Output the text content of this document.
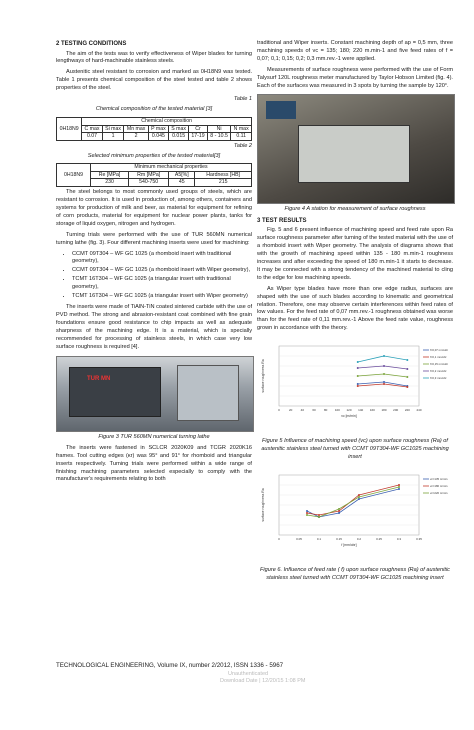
2 TESTING CONDITIONS

The aim of the tests was to verify effectiveness of Wiper blades for turning lengthways of hard-machinable stainless steels.

Austenitic steel resistant to corrosion and marked as 0H18N9 was tested. Table 1 presents chemical composition of the steel tested and table 2 shows properties of the steel.

Table 1
Chemical composition of the tested material [3]
0H18N9	Chemical composition							
	C max	Si max	Mn max	P max	S max	Cr	Ni	N max
	0.07	1	2	0.045	0.015	17-19	8 - 10.5	0.11
Table 2
Selected minimum properties of the tested material[3]
0H18N9	Minimum mechanical properties			
	Re [MPa]	Rm [MPa]	A5[%]	Hardness [HB]
	230	540-750	45	215

The steel belongs to most commonly used groups of steels, which are resistant to corrosion. It is used in production of, among others, containers and systems for production of milk and beer, as material for equipment for refining of corn products, material for equipment for nuclear power plants, tanks for storage of liquid oxygen, nitrogen and hydrogen.

Turning trials were performed with the use of TUR 560MN numerical turning lathe (fig. 3). Four different machining inserts were used for machining:

• CCMT 09T304 – WF GC 1025 (a rhomboid insert with traditional geometry),
• CCMT 09T304 – WF GC 1025 (a rhomboid insert with Wiper geometry),
• TCMT 16T304 – WF GC 1025 (a triangular insert with traditional geometry),
• TCMT 16T304 – WF GC 1025 (a triangular insert with Wiper geometry)

The inserts were made of TiAlN-TiN coated sintered carbide with the use of PVD method. The strong and abrasion-resistant coat combined with fine grain foundations ensure good resistance to chip impacts as well as adequate sharpness of the machining edge. It is a material, which is specially recommended for processing of stainless steels, in which case very low surface roughness is required [4].

TUR MN
Figure 3 TUR 560MN numerical turning lathe

The inserts were fastened in SCLCR 2020K09 and TCGR 2020K16 frames. Tool cutting edges (κr) was 95° and 91° for rhomboid and triangular inserts respectively. Turning trials were performed within a wide range of finishing machining parameters selected especially to comply with the manufacturer's requirements relating to both

traditional and Wiper inserts. Constant machining depth of ap = 0,5 mm, three machining speeds of vc = 135; 180; 220 m.min-1 and five feed rates of f = 0,07; 0,1; 0,15; 0,2; 0,3 mm.rev.-1 were applied.

Measurements of surface roughness were performed with the use of Form Talysurf 120L roughness meter manufactured by Taylor Hobson Limited (fig. 4). Each of the surfaces was measured in 3 spots by turning the sample by 120°.

Figure 4 A station for measurement of surface roughness
3 TEST RESULTS

Fig. 5 and 6 present influence of machining speed and feed rate upon Ra surface roughness parameter after turning of the tested material with the use of a rhomboid insert with Wiper geometry. The analysis of diagrams shows that with the growth of machining speed within 135 - 180 m.min-1 roughness increases and after exceeding the speed of 180 m.min-1 it starts to decrease. It may be connected with a strong tendency of the machined material to cling to the edge for low machining speeds.

As Wiper type blades have more than one edge radius, surfaces are shaped with the use of such blades according to kinematic and geometrical relation. Therefore, one may observe certain interferences within feed rates of low values. For the feed rate of 0,07 mm.rev.-1 roughness obtained was worse than for the feed rate of 0,11 mm.rev.-1 Above the feed rate value, roughness grown in accordance with the theory.

0	20	40	60	80 100 120 140 160 180 200 220 240
vc [m/min]
surface roughness Ra
f=0,07 mm/obr
f=0,1 mm/obr
f=0,15 mm/obr
f=0,2 mm/obr
f=0,3 mm/obr
Figure 5 Influence of machining speed (vc) upon surface roughness (Ra) of austenitic stainless steel turned with CCMT 09T304-WF GC1025 machining insert
0	0.05	0.1	0.15	0.2	0.25	0.3	0.35
f [mm/obr]
surface roughness Ra
vc=135 m/min
vc=180 m/min
vc=220 m/min
Figure 6. Influence of feed rate ( f) upon surface roughness (Ra) of austenitic stainless steel turned with CCMT 09T304-WF GC1025 machining insert
TECHNOLOGICAL ENGINEERING, Volume IX, number 2/2012, ISSN 1336 - 5967
Unauthenticated
Download Date | 12/20/15 1:08 PM
